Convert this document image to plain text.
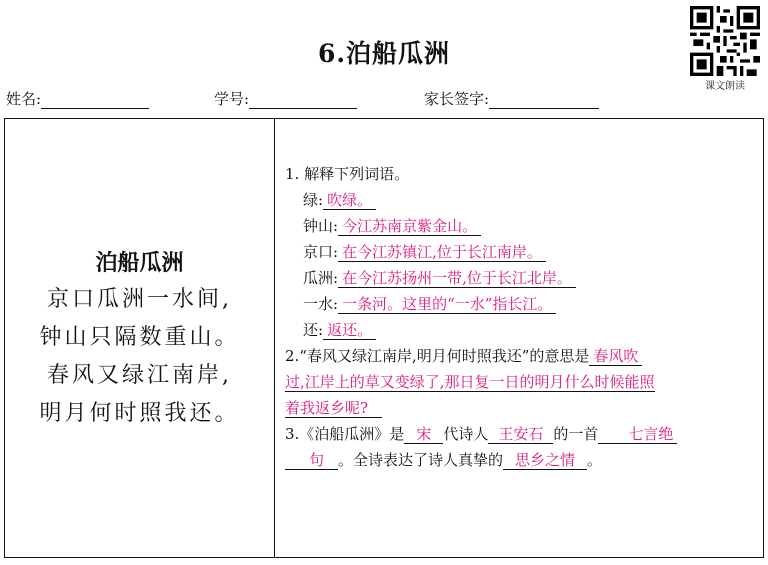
6.泊船瓜洲
课文朗读
姓名:	学号:	家长签字:
泊船瓜洲
京口瓜洲一水间,
钟山只隔数重山。
春风又绿江南岸,
明月何时照我还。
1. 解释下列词语。
绿: 吹绿。
钟山: 今江苏南京紫金山。
京口: 在今江苏镇江,位于长江南岸。
瓜洲: 在今江苏扬州一带,位于长江北岸。
一水: 一条河。这里的“一水”指长江。
还: 返还。
2.“春风又绿江南岸,明月何时照我还”的意思是 春风吹
过,江岸上的草又变绿了,那日复一日的明月什么时候能照
着我返乡呢?
3.《泊船瓜洲》是 宋 代诗人 王安石 的一首 七言绝
句 。全诗表达了诗人真挚的 思乡之情 。
